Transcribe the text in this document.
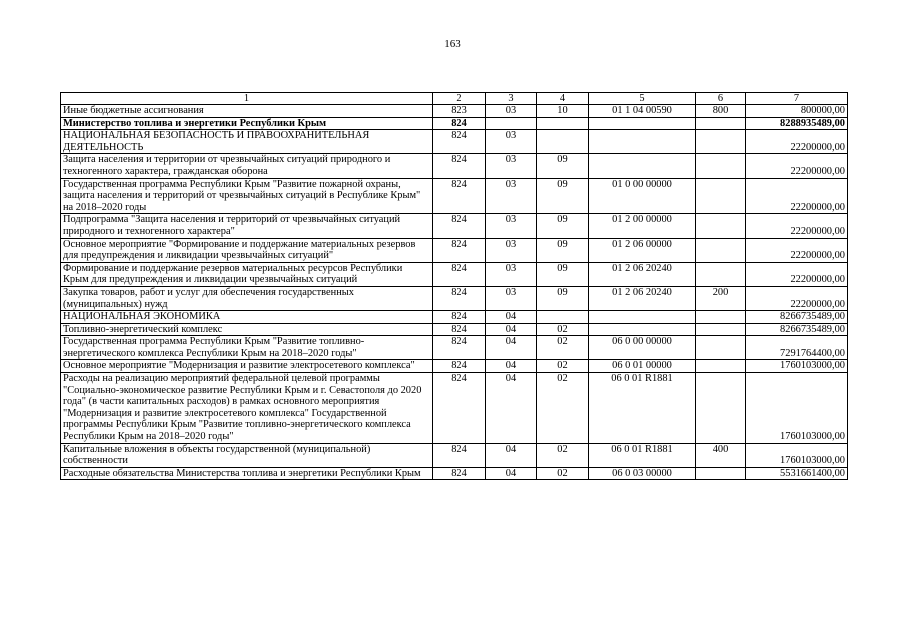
163
1	2	3	4	5	6	7
Иные бюджетные ассигнования	823	03	10	01 1 04 00590	800	800000,00
Министерство топлива и энергетики Республики Крым	824					8288935489,00
НАЦИОНАЛЬНАЯ БЕЗОПАСНОСТЬ И ПРАВООХРАНИТЕЛЬНАЯ ДЕЯТЕЛЬНОСТЬ	824	03				22200000,00
Защита населения и территории от чрезвычайных ситуаций природного и техногенного характера, гражданская оборона	824	03	09			22200000,00
Государственная программа Республики Крым "Развитие пожарной охраны, защита населения и территорий от чрезвычайных ситуаций в Республике Крым" на 2018–2020 годы	824	03	09	01 0 00 00000		22200000,00
Подпрограмма "Защита населения и территорий от чрезвычайных ситуаций природного и техногенного характера"	824	03	09	01 2 00 00000		22200000,00
Основное мероприятие "Формирование и поддержание материальных резервов для предупреждения и ликвидации чрезвычайных ситуаций"	824	03	09	01 2 06 00000		22200000,00
Формирование и поддержание резервов материальных ресурсов Республики Крым для предупреждения и ликвидации чрезвычайных ситуаций	824	03	09	01 2 06 20240		22200000,00
Закупка товаров, работ и услуг для обеспечения государственных (муниципальных) нужд	824	03	09	01 2 06 20240	200	22200000,00
НАЦИОНАЛЬНАЯ ЭКОНОМИКА	824	04				8266735489,00
Топливно-энергетический комплекс	824	04	02			8266735489,00
Государственная программа Республики Крым "Развитие топливно-энергетического комплекса Республики Крым на 2018–2020 годы"	824	04	02	06 0 00 00000		7291764400,00
Основное мероприятие "Модернизация и развитие электросетевого комплекса"	824	04	02	06 0 01 00000		1760103000,00
Расходы на реализацию мероприятий федеральной целевой программы "Социально-экономическое развитие Республики Крым и г. Севастополя до 2020 года" (в части капитальных расходов) в рамках основного мероприятия "Модернизация и развитие электросетевого комплекса" Государственной программы Республики Крым "Развитие топливно-энергетического комплекса Республики Крым на 2018–2020 годы"	824	04	02	06 0 01 R1881		1760103000,00
Капитальные вложения в объекты государственной (муниципальной) собственности	824	04	02	06 0 01 R1881	400	1760103000,00
Расходные обязательства Министерства топлива и энергетики Республики Крым	824	04	02	06 0 03 00000		5531661400,00
